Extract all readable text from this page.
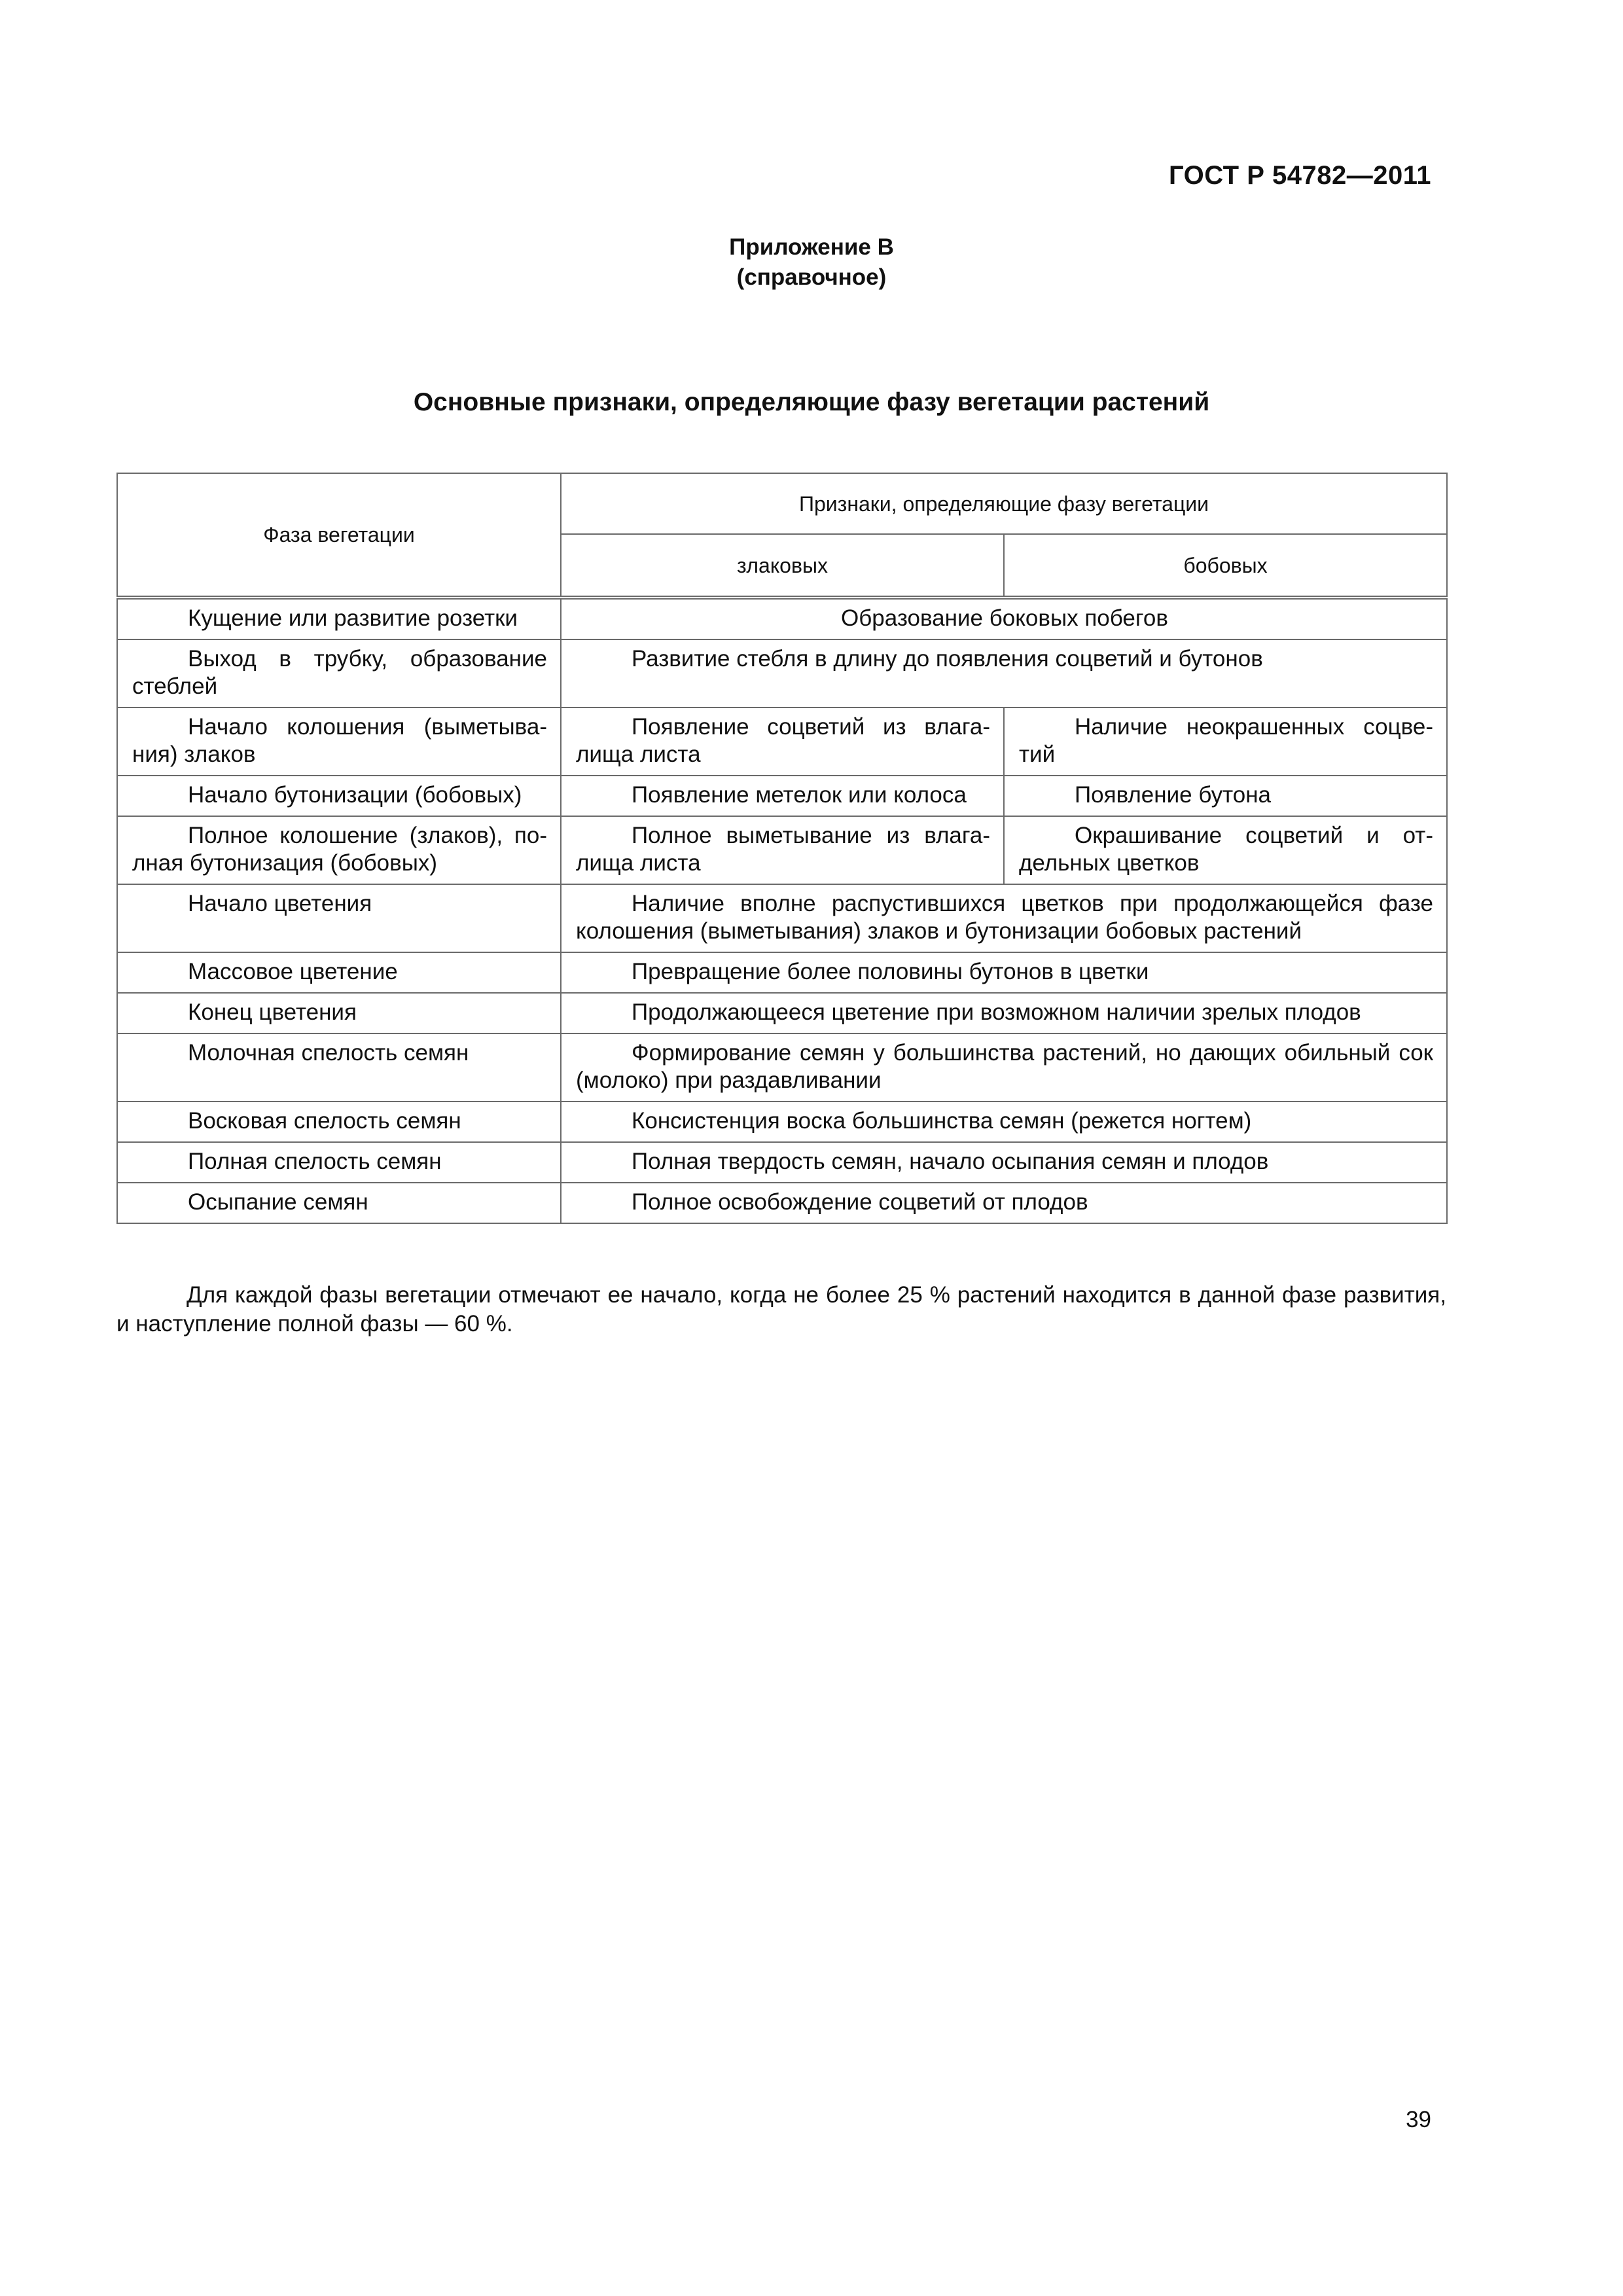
ГОСТ Р 54782—2011
Приложение В
(справочное)
Основные признаки, определяющие фазу вегетации растений
Фаза вегетации	Признаки, определяющие фазу вегетации	
	злаковых	бобовых
Кущение или развитие розетки	Образование боковых побегов	
Выход в трубку, образование стеблей	Развитие стебля в длину до появления соцветий и бутонов	
Начало колошения (выметывания) злаков	Появление соцветий из влагалища листа	Наличие неокрашенных соцветий
Начало бутонизации (бобовых)	Появление метелок или колоса	Появление бутона
Полное колошение (злаков), полная бутонизация (бобовых)	Полное выметывание из влагалища листа	Окрашивание соцветий и отдельных цветков
Начало цветения	Наличие вполне распустившихся цветков при продолжающейся фазе колошения (выметывания) злаков и бутонизации бобовых растений	
Массовое цветение	Превращение более половины бутонов в цветки	
Конец цветения	Продолжающееся цветение при возможном наличии зрелых плодов	
Молочная спелость семян	Формирование семян у большинства растений, но дающих обильный сок (молоко) при раздавливании	
Восковая спелость семян	Консистенция воска большинства семян (режется ногтем)	
Полная спелость семян	Полная твердость семян, начало осыпания семян и плодов	
Осыпание семян	Полное освобождение соцветий от плодов	
Для каждой фазы вегетации отмечают ее начало, когда не более 25 % растений находится в данной фазе развития, и наступление полной фазы — 60 %.
39
